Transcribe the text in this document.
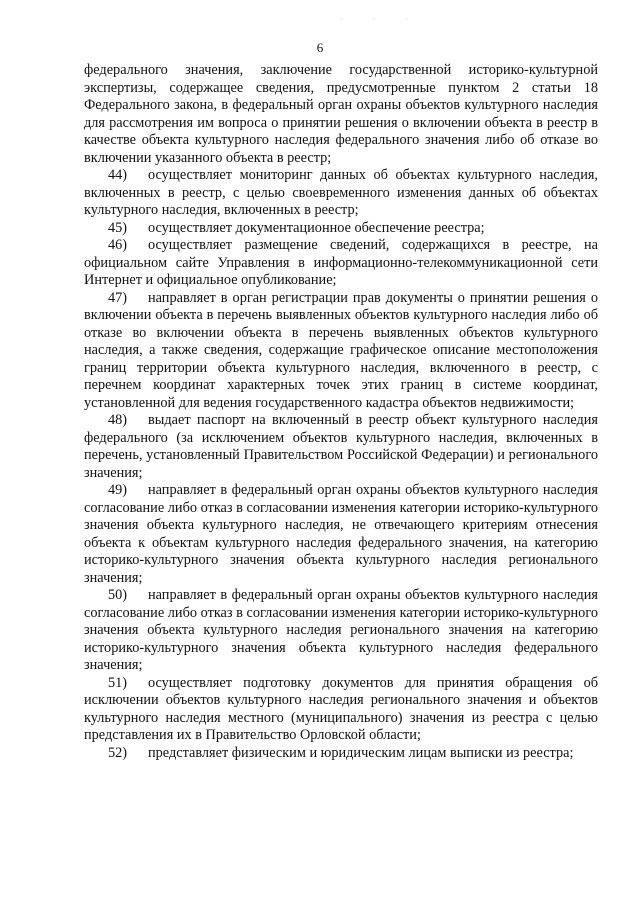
· · ·
6

федерального значения, заключение государственной историко-культурной экспертизы, содержащее сведения, предусмотренные пунктом 2 статьи 18 Федерального закона, в федеральный орган охраны объектов культурного наследия для рассмотрения им вопроса о принятии решения о включении объекта в реестр в качестве объекта культурного наследия федерального значения либо об отказе во включении указанного объекта в реестр;

44) осуществляет мониторинг данных об объектах культурного наследия, включенных в реестр, с целью своевременного изменения данных об объектах культурного наследия, включенных в реестр;

45) осуществляет документационное обеспечение реестра;

46) осуществляет размещение сведений, содержащихся в реестре, на официальном сайте Управления в информационно-телекоммуникационной сети Интернет и официальное опубликование;

47) направляет в орган регистрации прав документы о принятии решения о включении объекта в перечень выявленных объектов культурного наследия либо об отказе во включении объекта в перечень выявленных объектов культурного наследия, а также сведения, содержащие графическое описание местоположения границ территории объекта культурного наследия, включенного в реестр, с перечнем координат характерных точек этих границ в системе координат, установленной для ведения государственного кадастра объектов недвижимости;

48) выдает паспорт на включенный в реестр объект культурного наследия федерального (за исключением объектов культурного наследия, включенных в перечень, установленный Правительством Российской Федерации) и регионального значения;

49) направляет в федеральный орган охраны объектов культурного наследия согласование либо отказ в согласовании изменения категории историко-культурного значения объекта культурного наследия, не отвечающего критериям отнесения объекта к объектам культурного наследия федерального значения, на категорию историко-культурного значения объекта культурного наследия регионального значения;

50) направляет в федеральный орган охраны объектов культурного наследия согласование либо отказ в согласовании изменения категории историко-культурного значения объекта культурного наследия регионального значения на категорию историко-культурного значения объекта культурного наследия федерального значения;

51) осуществляет подготовку документов для принятия обращения об исключении объектов культурного наследия регионального значения и объектов культурного наследия местного (муниципального) значения из реестра с целью представления их в Правительство Орловской области;

52) представляет физическим и юридическим лицам выписки из реестра;
